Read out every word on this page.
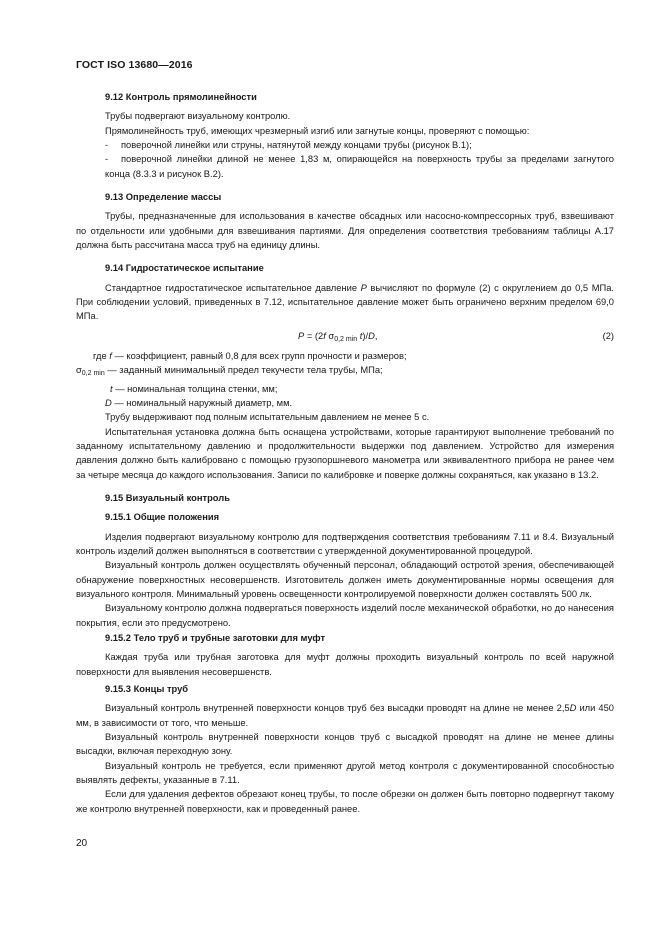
ГОСТ ISO 13680—2016

9.12 Контроль прямолинейности

Трубы подвергают визуальному контролю.

Прямолинейность труб, имеющих чрезмерный изгиб или загнутые концы, проверяют с помощью:

- поверочной линейки или струны, натянутой между концами трубы (рисунок B.1);

- поверочной линейки длиной не менее 1,83 м, опирающейся на поверхность трубы за пределами загнутого конца (8.3.3 и рисунок B.2).

9.13 Определение массы

Трубы, предназначенные для использования в качестве обсадных или насосно-компрессорных труб, взвешивают по отдельности или удобными для взвешивания партиями. Для определения соответствия требованиям таблицы A.17 должна быть рассчитана масса труб на единицу длины.

9.14 Гидростатическое испытание

Стандартное гидростатическое испытательное давление P вычисляют по формуле (2) с округлением до 0,5 МПа. При соблюдении условий, приведенных в 7.12, испытательное давление может быть ограничено верхним пределом 69,0 МПа.

P = (2f $\sigma_{0,2 min}$ t)/D,	(2)

где f — коэффициент, равный 0,8 для всех групп прочности и размеров;

$\sigma_{0,2 min}$ — заданный минимальный предел текучести тела трубы, МПа;

t — номинальная толщина стенки, мм;

D — номинальный наружный диаметр, мм.

Трубу выдерживают под полным испытательным давлением не менее 5 с.

Испытательная установка должна быть оснащена устройствами, которые гарантируют выполнение требований по заданному испытательному давлению и продолжительности выдержки под давлением. Устройство для измерения давления должно быть калибровано с помощью грузопоршневого манометра или эквивалентного прибора не ранее чем за четыре месяца до каждого использования. Записи по калибровке и поверке должны сохраняться, как указано в 13.2.

9.15 Визуальный контроль

9.15.1 Общие положения

Изделия подвергают визуальному контролю для подтверждения соответствия требованиям 7.11 и 8.4. Визуальный контроль изделий должен выполняться в соответствии с утвержденной документированной процедурой.

Визуальный контроль должен осуществлять обученный персонал, обладающий остротой зрения, обеспечивающей обнаружение поверхностных несовершенств. Изготовитель должен иметь документированные нормы освещения для визуального контроля. Минимальный уровень освещенности контролируемой поверхности должен составлять 500 лк.

Визуальному контролю должна подвергаться поверхность изделий после механической обработки, но до нанесения покрытия, если это предусмотрено.

9.15.2 Тело труб и трубные заготовки для муфт

Каждая труба или трубная заготовка для муфт должны проходить визуальный контроль по всей наружной поверхности для выявления несовершенств.

9.15.3 Концы труб

Визуальный контроль внутренней поверхности концов труб без высадки проводят на длине не менее 2,5D или 450 мм, в зависимости от того, что меньше.

Визуальный контроль внутренней поверхности концов труб с высадкой проводят на длине не менее длины высадки, включая переходную зону.

Визуальный контроль не требуется, если применяют другой метод контроля с документированной способностью выявлять дефекты, указанные в 7.11.

Если для удаления дефектов обрезают конец трубы, то после обрезки он должен быть повторно подвергнут такому же контролю внутренней поверхности, как и проведенный ранее.

20
